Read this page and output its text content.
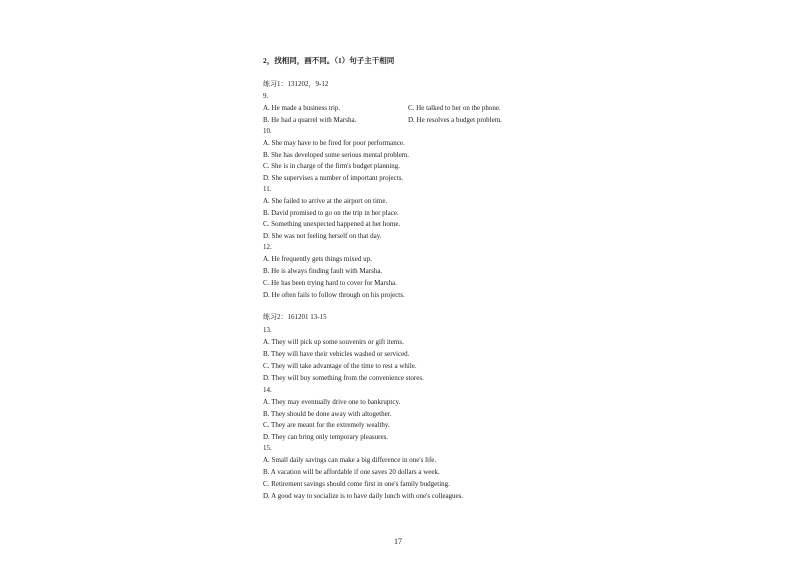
2，找相同，画不同。（1）句子主干相同
练习1：131202，9-12
9.
A. He made a business trip.	C. He talked to her on the phone.
B. He had a quarrel with Marsha.	D. He resolves a budget problem.
10.
A. She may have to be fired for poor performance.
B. She has developed some serious mental problem.
C. She is in charge of the firm's budget planning.
D. She supervises a number of important projects.
11.
A. She failed to arrive at the airport on time.
B. David promised to go on the trip in her place.
C. Something unexpected happened at her home.
D. She was not feeling herself on that day.
12.
A. He frequently gets things mixed up.
B. He is always finding fault with Marsha.
C. He has been trying hard to cover for Marsha.
D. He often fails to follow through on his projects.
练习2：161201 13-15
13.
A. They will pick up some souvenirs or gift items.
B. They will have their vehicles washed or serviced.
C. They will take advantage of the time to rest a while.
D. They will buy something from the convenience stores.
14.
A. They may eventually drive one to bankruptcy.
B. They should be done away with altogether.
C. They are meant for the extremely wealthy.
D. They can bring only temporary pleasures.
15.
A. Small daily savings can make a big difference in one's life.
B. A vacation will be affordable if one saves 20 dollars a week.
C. Retirement savings should come first in one's family budgeting.
D. A good way to socialize is to have daily lunch with one's colleagues.
17
